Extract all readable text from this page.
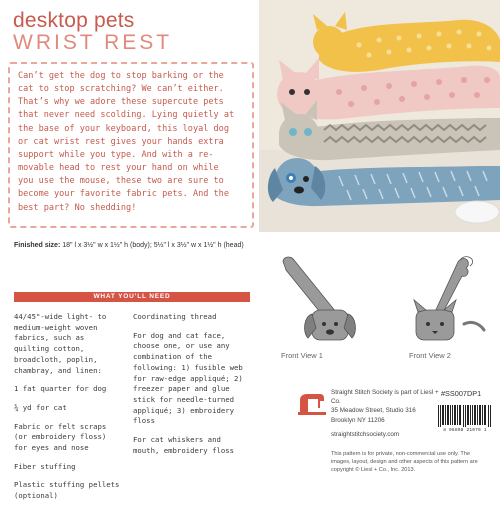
desktop pets
WRIST REST
Can’t get the dog to stop barking or the
cat to stop scratching? We can’t either.
That’s why we adore these supercute pets
that never need scolding. Lying quietly at
the base of your keyboard, this loyal dog
or cat wrist rest gives your hands extra
support while you type. And with a re-
movable head to rest your hand on while
you use the mouse, these two are sure to
become your favorite fabric pets. And the
best part? No shedding!
Finished size: 18" l x 3½" w x 1½" h (body); 5½" l x 3½" w x 1½" h (head)
WHAT YOU’LL NEED

44/45"-wide light- to medium-weight woven fabrics, such as quilting cotton, broadcloth, poplin, chambray, and linen:

1 fat quarter for dog

¾ yd for cat

Fabric or felt scraps (or embroidery floss) for eyes and nose

Fiber stuffing

Plastic stuffing pellets (optional)

Coordinating thread

For dog and cat face, choose one, or use any combination of the following: 1) fusible web for raw-edge appliqué; 2) freezer paper and glue stick for needle-turned appliqué; 3) embroidery floss

For cat whiskers and mouth, embroidery floss

Front View 1	Front View 2
Straight Stitch Society is part of Liesl + Co.
35 Meadow Street, Studio 316
Brooklyn NY 11206
straightstitchsociety.com
#SS007DP1
8 96808 21070 1
This pattern is for private, non-commercial use only. The images, layout, design and other aspects of this pattern are copyright © Liesl + Co., Inc. 2013.
